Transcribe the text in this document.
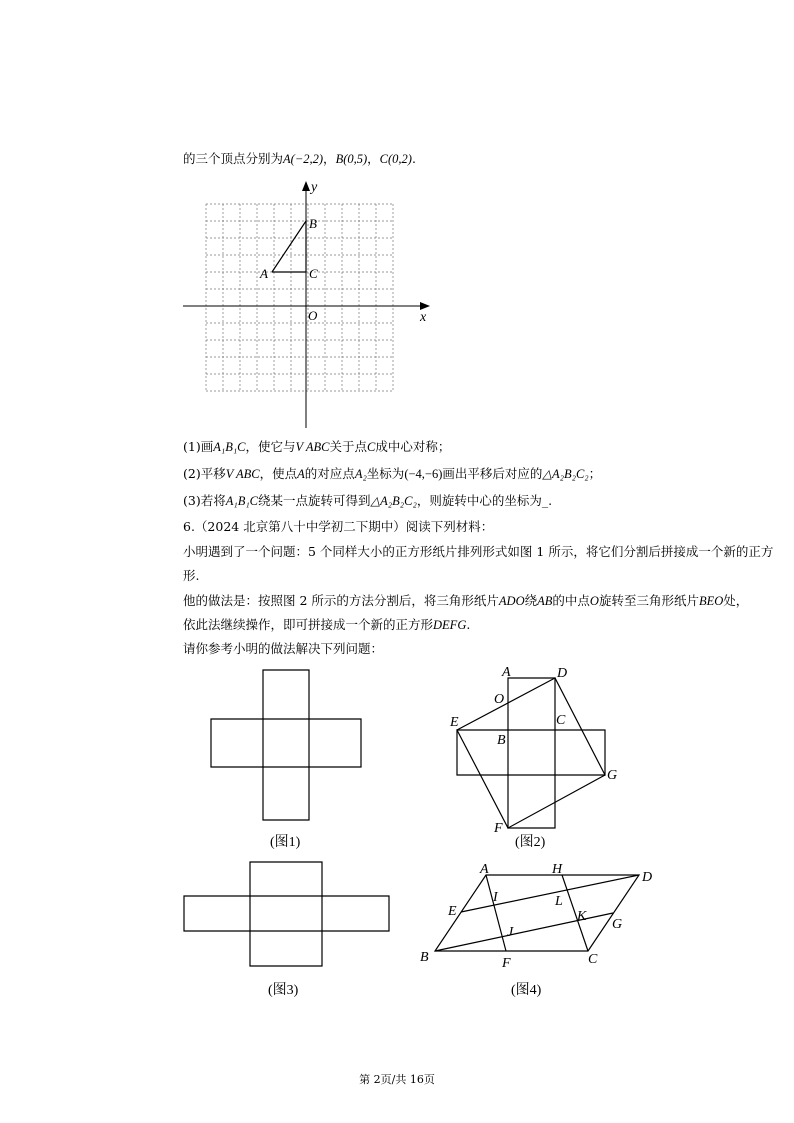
的三个顶点分别为A(−2,2)，B(0,5)，C(0,2).
y
x
O
A
B
C
(1)画A₁B₁C，使它与V ABC关于点C成中心对称；
(2)平移V ABC，使点A的对应点A₂坐标为(−4,−6)画出平移后对应的△A₂B₂C₂；
(3)若将A₁B₁C绕某一点旋转可得到△A₂B₂C₂，则旋转中心的坐标为_.
6.（2024 北京第八十中学初二下期中）阅读下列材料：
小明遇到了一个问题：5 个同样大小的正方形纸片排列形式如图 1 所示，将它们分割后拼接成一个新的正方
形.
他的做法是：按照图 2 所示的方法分割后，将三角形纸片ADO绕AB的中点O旋转至三角形纸片BEO处，
依此法继续操作，即可拼接成一个新的正方形DEFG.
请你参考小明的做法解决下列问题：
(图1)
A	D
O
C
E
B
G
F
(图2)
(图3)
A	H
D
I	L
E	K
G
J
B	F	C
(图4)
第 2页/共 16页
